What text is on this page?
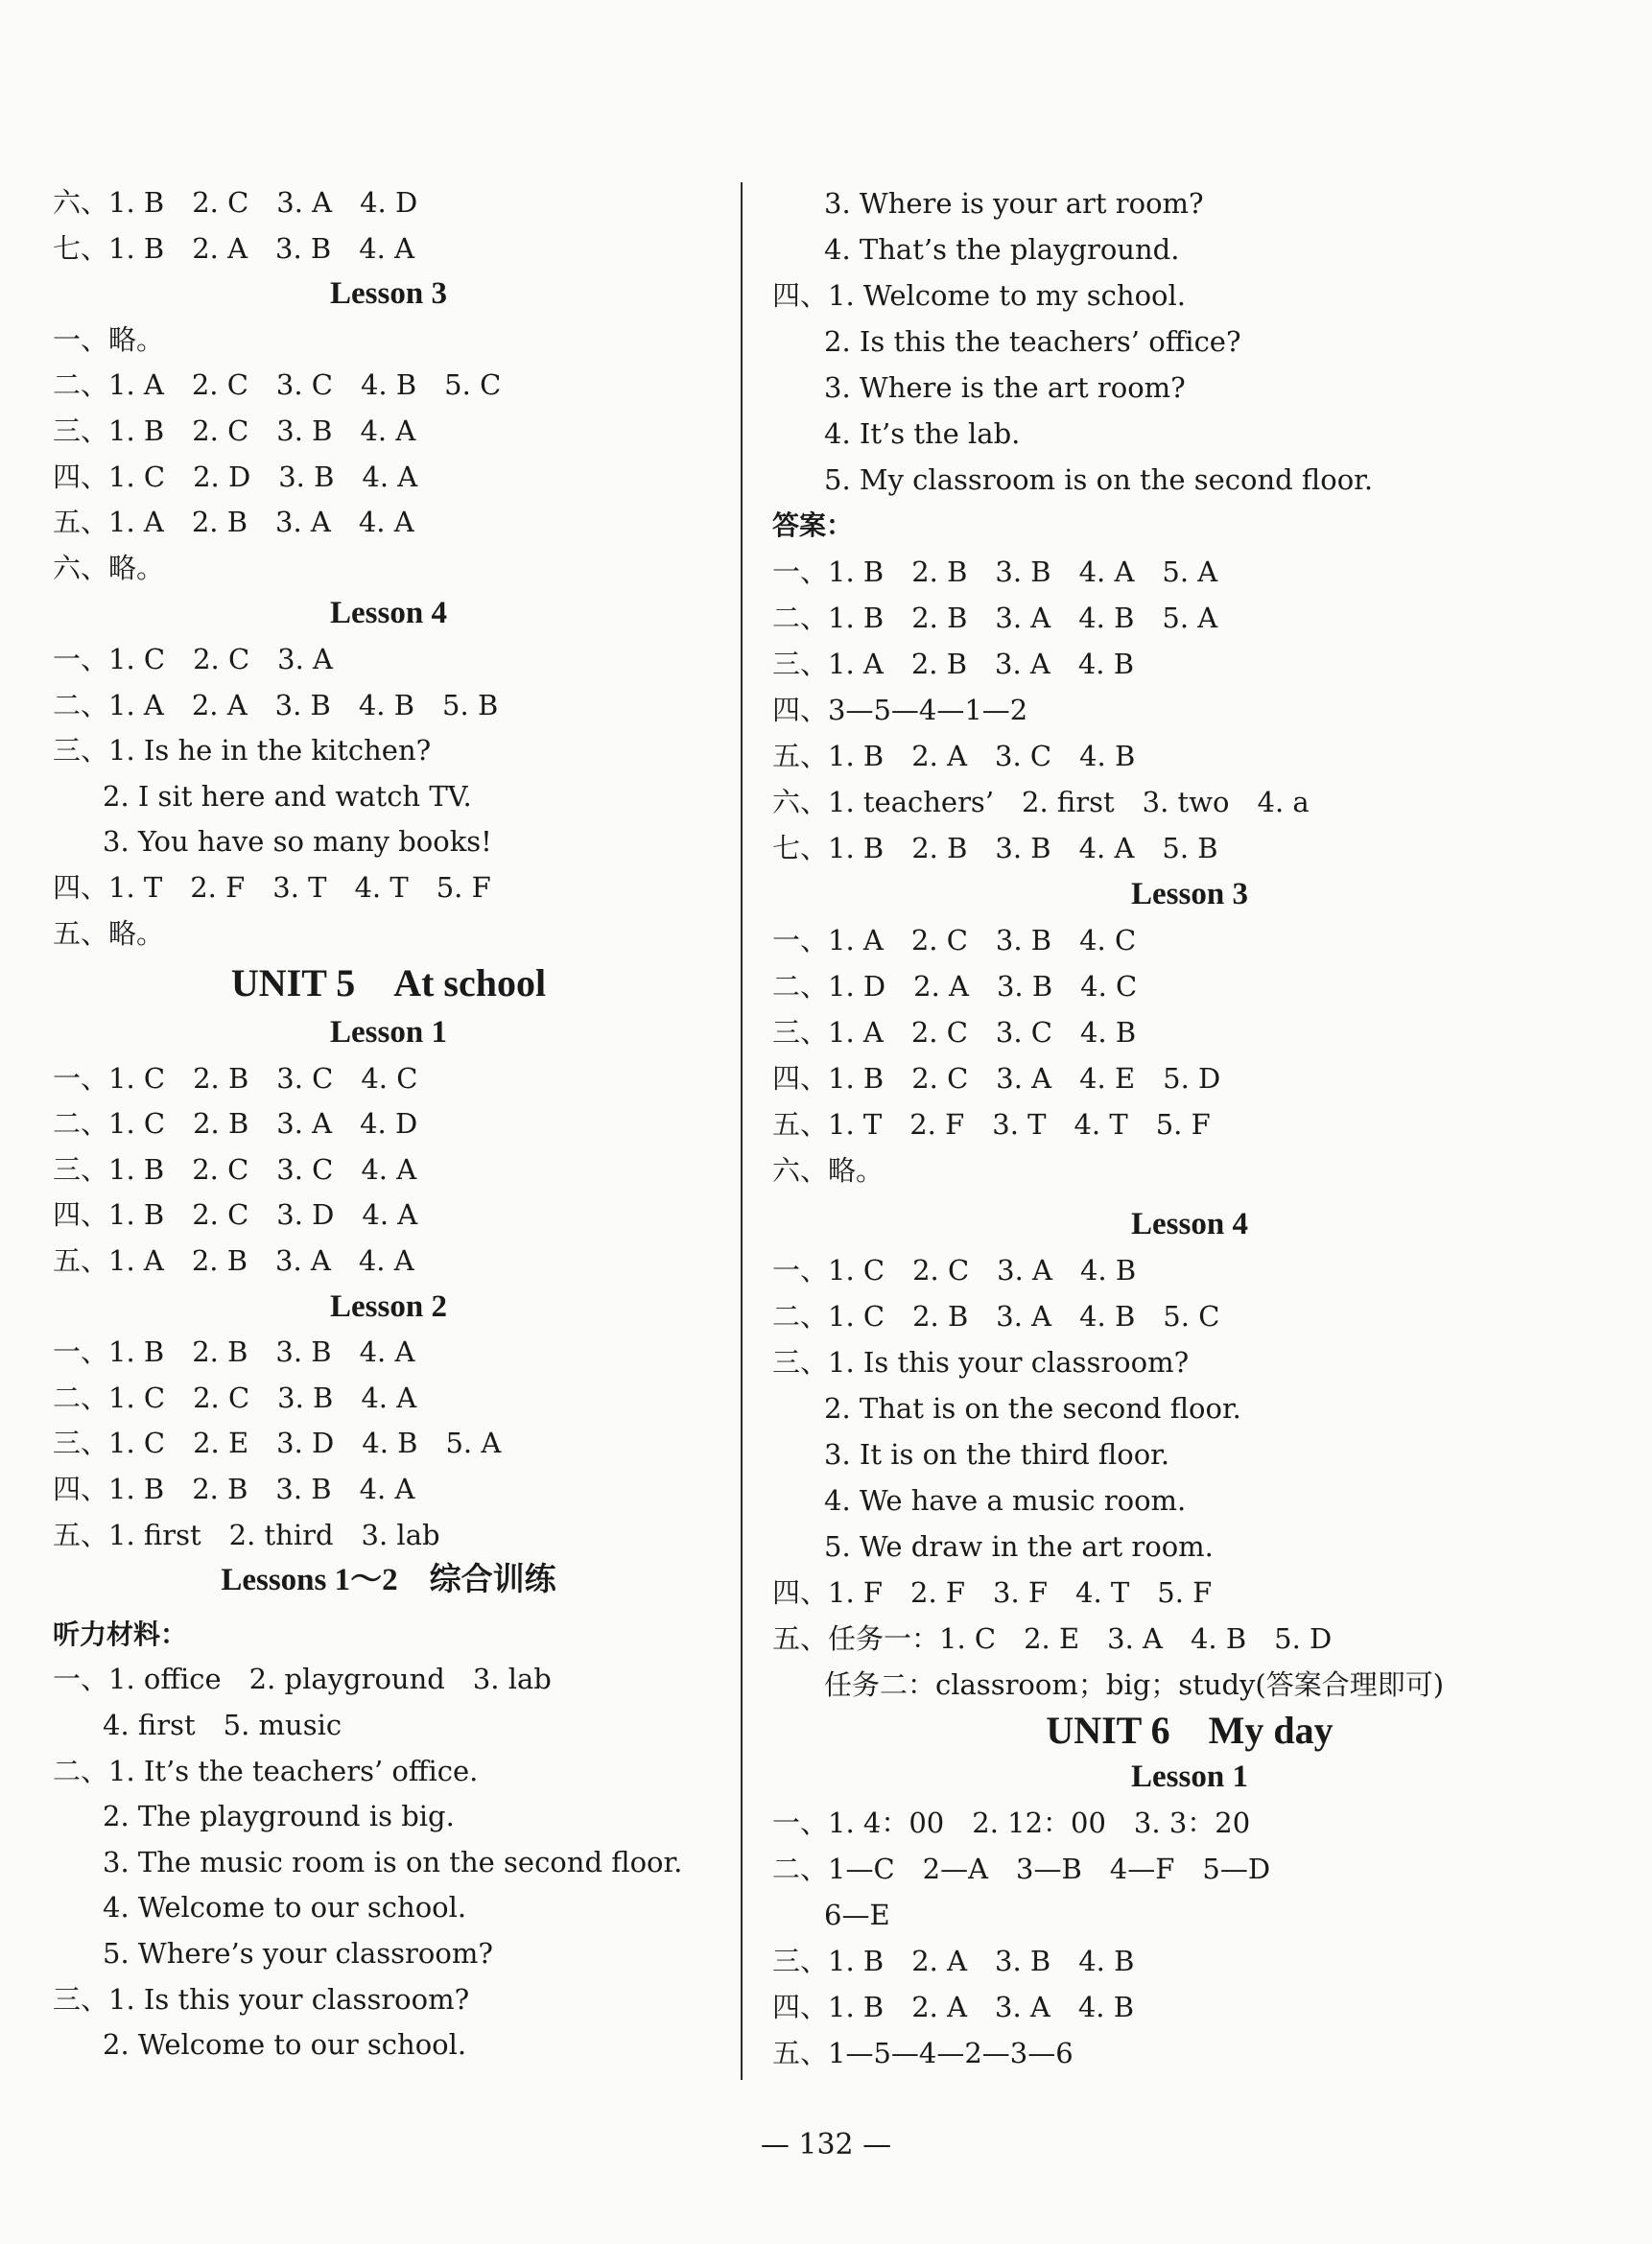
六、1. B　2. C　3. A　4. D
七、1. B　2. A　3. B　4. A
Lesson 3
一、略。
二、1. A　2. C　3. C　4. B　5. C
三、1. B　2. C　3. B　4. A
四、1. C　2. D　3. B　4. A
五、1. A　2. B　3. A　4. A
六、略。
Lesson 4
一、1. C　2. C　3. A
二、1. A　2. A　3. B　4. B　5. B
三、1. Is he in the kitchen?
2. I sit here and watch TV.
3. You have so many books!
四、1. T　2. F　3. T　4. T　5. F
五、略。
UNIT 5　At school
Lesson 1
一、1. C　2. B　3. C　4. C
二、1. C　2. B　3. A　4. D
三、1. B　2. C　3. C　4. A
四、1. B　2. C　3. D　4. A
五、1. A　2. B　3. A　4. A
Lesson 2
一、1. B　2. B　3. B　4. A
二、1. C　2. C　3. B　4. A
三、1. C　2. E　3. D　4. B　5. A
四、1. B　2. B　3. B　4. A
五、1. first　2. third　3. lab
Lessons 1～2　综合训练
听力材料：
一、1. office　2. playground　3. lab
4. first　5. music
二、1. It’s the teachers’ office.
2. The playground is big.
3. The music room is on the second floor.
4. Welcome to our school.
5. Where’s your classroom?
三、1. Is this your classroom?
2. Welcome to our school.
3. Where is your art room?
4. That’s the playground.
四、1. Welcome to my school.
2. Is this the teachers’ office?
3. Where is the art room?
4. It’s the lab.
5. My classroom is on the second floor.
答案：
一、1. B　2. B　3. B　4. A　5. A
二、1. B　2. B　3. A　4. B　5. A
三、1. A　2. B　3. A　4. B
四、3—5—4—1—2
五、1. B　2. A　3. C　4. B
六、1. teachers’　2. first　3. two　4. a
七、1. B　2. B　3. B　4. A　5. B
Lesson 3
一、1. A　2. C　3. B　4. C
二、1. D　2. A　3. B　4. C
三、1. A　2. C　3. C　4. B
四、1. B　2. C　3. A　4. E　5. D
五、1. T　2. F　3. T　4. T　5. F
六、略。
Lesson 4
一、1. C　2. C　3. A　4. B
二、1. C　2. B　3. A　4. B　5. C
三、1. Is this your classroom?
2. That is on the second floor.
3. It is on the third floor.
4. We have a music room.
5. We draw in the art room.
四、1. F　2. F　3. F　4. T　5. F
五、任务一：1. C　2. E　3. A　4. B　5. D
任务二：classroom；big；study(答案合理即可)
UNIT 6　My day
Lesson 1
一、1. 4：00　2. 12：00　3. 3：20
二、1—C　2—A　3—B　4—F　5—D
6—E
三、1. B　2. A　3. B　4. B
四、1. B　2. A　3. A　4. B
五、1—5—4—2—3—6
— 132 —
